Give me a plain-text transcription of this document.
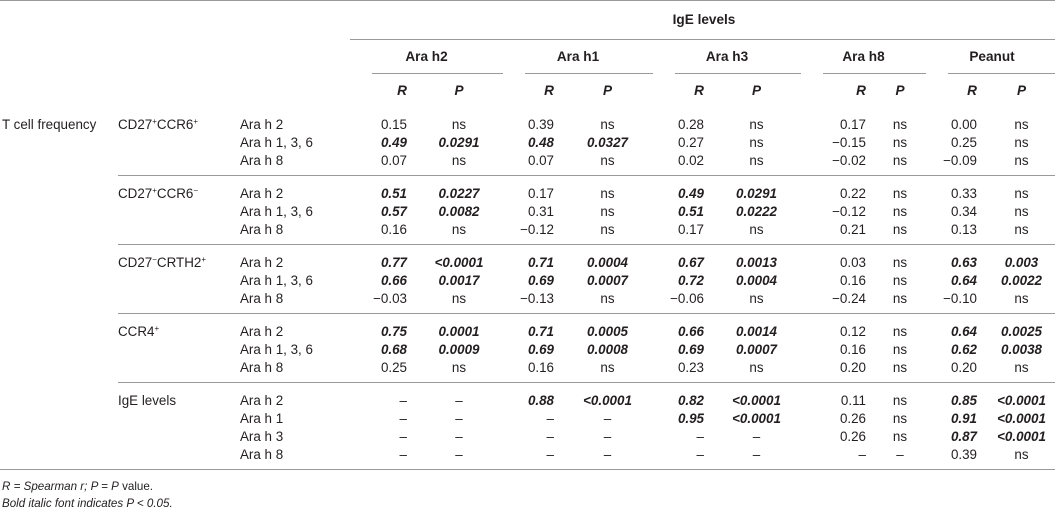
			IgE levels									
			Ara h2		Ara h1		Ara h3		Ara h8		Peanut	
			R	P	R	P	R	P	R	P	R	P
T cell frequency	CD27+CCR6+	Ara h 2	0.15	ns	0.39	ns	0.28	ns	0.17	ns	0.00	ns
		Ara h 1, 3, 6	0.49	0.0291	0.48	0.0327	0.27	ns	−0.15	ns	0.25	ns
		Ara h 8	0.07	ns	0.07	ns	0.02	ns	−0.02	ns	−0.09	ns
	CD27+CCR6−	Ara h 2	0.51	0.0227	0.17	ns	0.49	0.0291	0.22	ns	0.33	ns
		Ara h 1, 3, 6	0.57	0.0082	0.31	ns	0.51	0.0222	−0.12	ns	0.34	ns
		Ara h 8	0.16	ns	−0.12	ns	0.17	ns	0.21	ns	0.13	ns
	CD27−CRTH2+	Ara h 2	0.77	<0.0001	0.71	0.0004	0.67	0.0013	0.03	ns	0.63	0.003
		Ara h 1, 3, 6	0.66	0.0017	0.69	0.0007	0.72	0.0004	0.16	ns	0.64	0.0022
		Ara h 8	−0.03	ns	−0.13	ns	−0.06	ns	−0.24	ns	−0.10	ns
	CCR4+	Ara h 2	0.75	0.0001	0.71	0.0005	0.66	0.0014	0.12	ns	0.64	0.0025
		Ara h 1, 3, 6	0.68	0.0009	0.69	0.0008	0.69	0.0007	0.16	ns	0.62	0.0038
		Ara h 8	0.25	ns	0.16	ns	0.23	ns	0.20	ns	0.20	ns
	IgE levels	Ara h 2	–	–	0.88	<0.0001	0.82	<0.0001	0.11	ns	0.85	<0.0001
		Ara h 1	–	–	–	–	0.95	<0.0001	0.26	ns	0.91	<0.0001
		Ara h 3	–	–	–	–	–	–	0.26	ns	0.87	<0.0001
		Ara h 8	–	–	–	–	–	–	–	–	0.39	ns
R = Spearman r; P = P value.
Bold italic font indicates P < 0.05.
